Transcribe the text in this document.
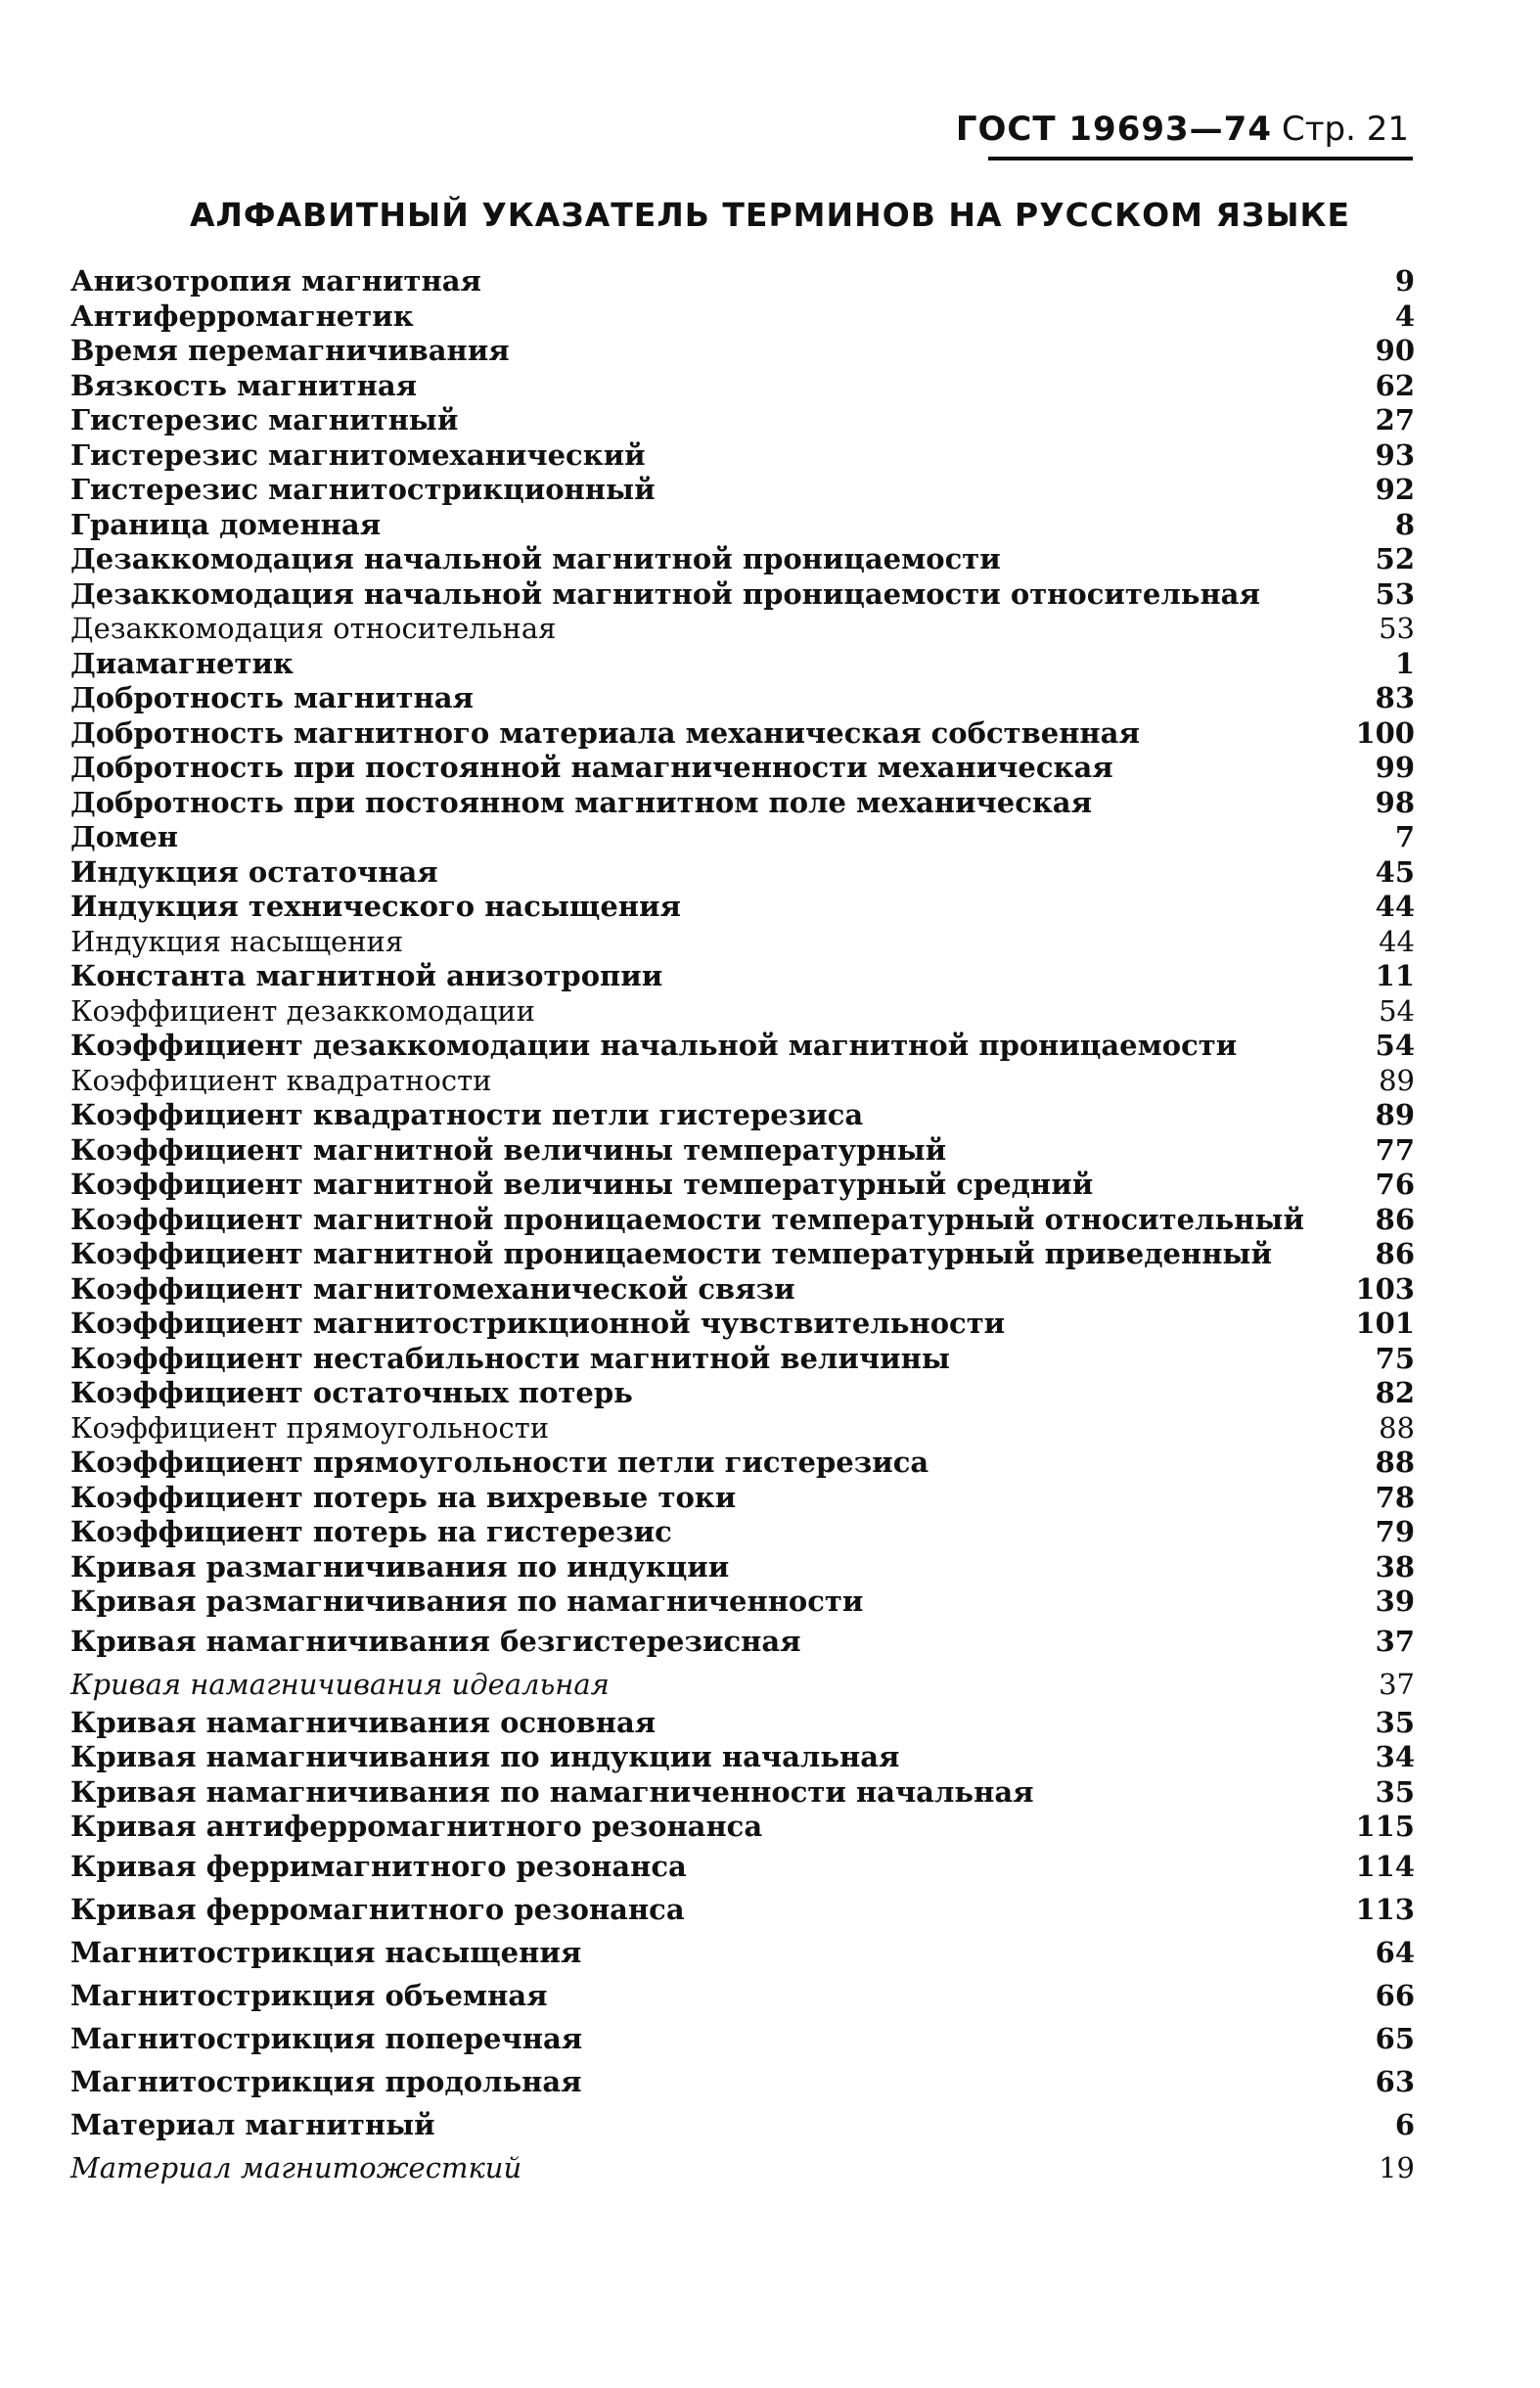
ГОСТ 19693—74 Стр. 21
АЛФАВИТНЫЙ УКАЗАТЕЛЬ ТЕРМИНОВ НА РУССКОМ ЯЗЫКЕ
Анизотропия магнитная	9
Антиферромагнетик	4
Время перемагничивания	90
Вязкость магнитная	62
Гистерезис магнитный	27
Гистерезис магнитомеханический	93
Гистерезис магнитострикционный	92
Граница доменная	8
Дезаккомодация начальной магнитной проницаемости	52
Дезаккомодация начальной магнитной проницаемости относительная	53
Дезаккомодация относительная	53
Диамагнетик	1
Добротность магнитная	83
Добротность магнитного материала механическая собственная	100
Добротность при постоянной намагниченности механическая	99
Добротность при постоянном магнитном поле механическая	98
Домен	7
Индукция остаточная	45
Индукция технического насыщения	44
Индукция насыщения	44
Константа магнитной анизотропии	11
Коэффициент дезаккомодации	54
Коэффициент дезаккомодации начальной магнитной проницаемости	54
Коэффициент квадратности	89
Коэффициент квадратности петли гистерезиса	89
Коэффициент магнитной величины температурный	77
Коэффициент магнитной величины температурный средний	76
Коэффициент магнитной проницаемости температурный относительный	86
Коэффициент магнитной проницаемости температурный приведенный	86
Коэффициент магнитомеханической связи	103
Коэффициент магнитострикционной чувствительности	101
Коэффициент нестабильности магнитной величины	75
Коэффициент остаточных потерь	82
Коэффициент прямоугольности	88
Коэффициент прямоугольности петли гистерезиса	88
Коэффициент потерь на вихревые токи	78
Коэффициент потерь на гистерезис	79
Кривая размагничивания по индукции	38
Кривая размагничивания по намагниченности	39
Кривая намагничивания безгистерезисная	37
Кривая намагничивания идеальная	37
Кривая намагничивания основная	35
Кривая намагничивания по индукции начальная	34
Кривая намагничивания по намагниченности начальная	35
Кривая антиферромагнитного резонанса	115
Кривая ферримагнитного резонанса	114
Кривая ферромагнитного резонанса	113
Магнитострикция насыщения	64
Магнитострикция объемная	66
Магнитострикция поперечная	65
Магнитострикция продольная	63
Материал магнитный	6
Материал магнитожесткий	19
